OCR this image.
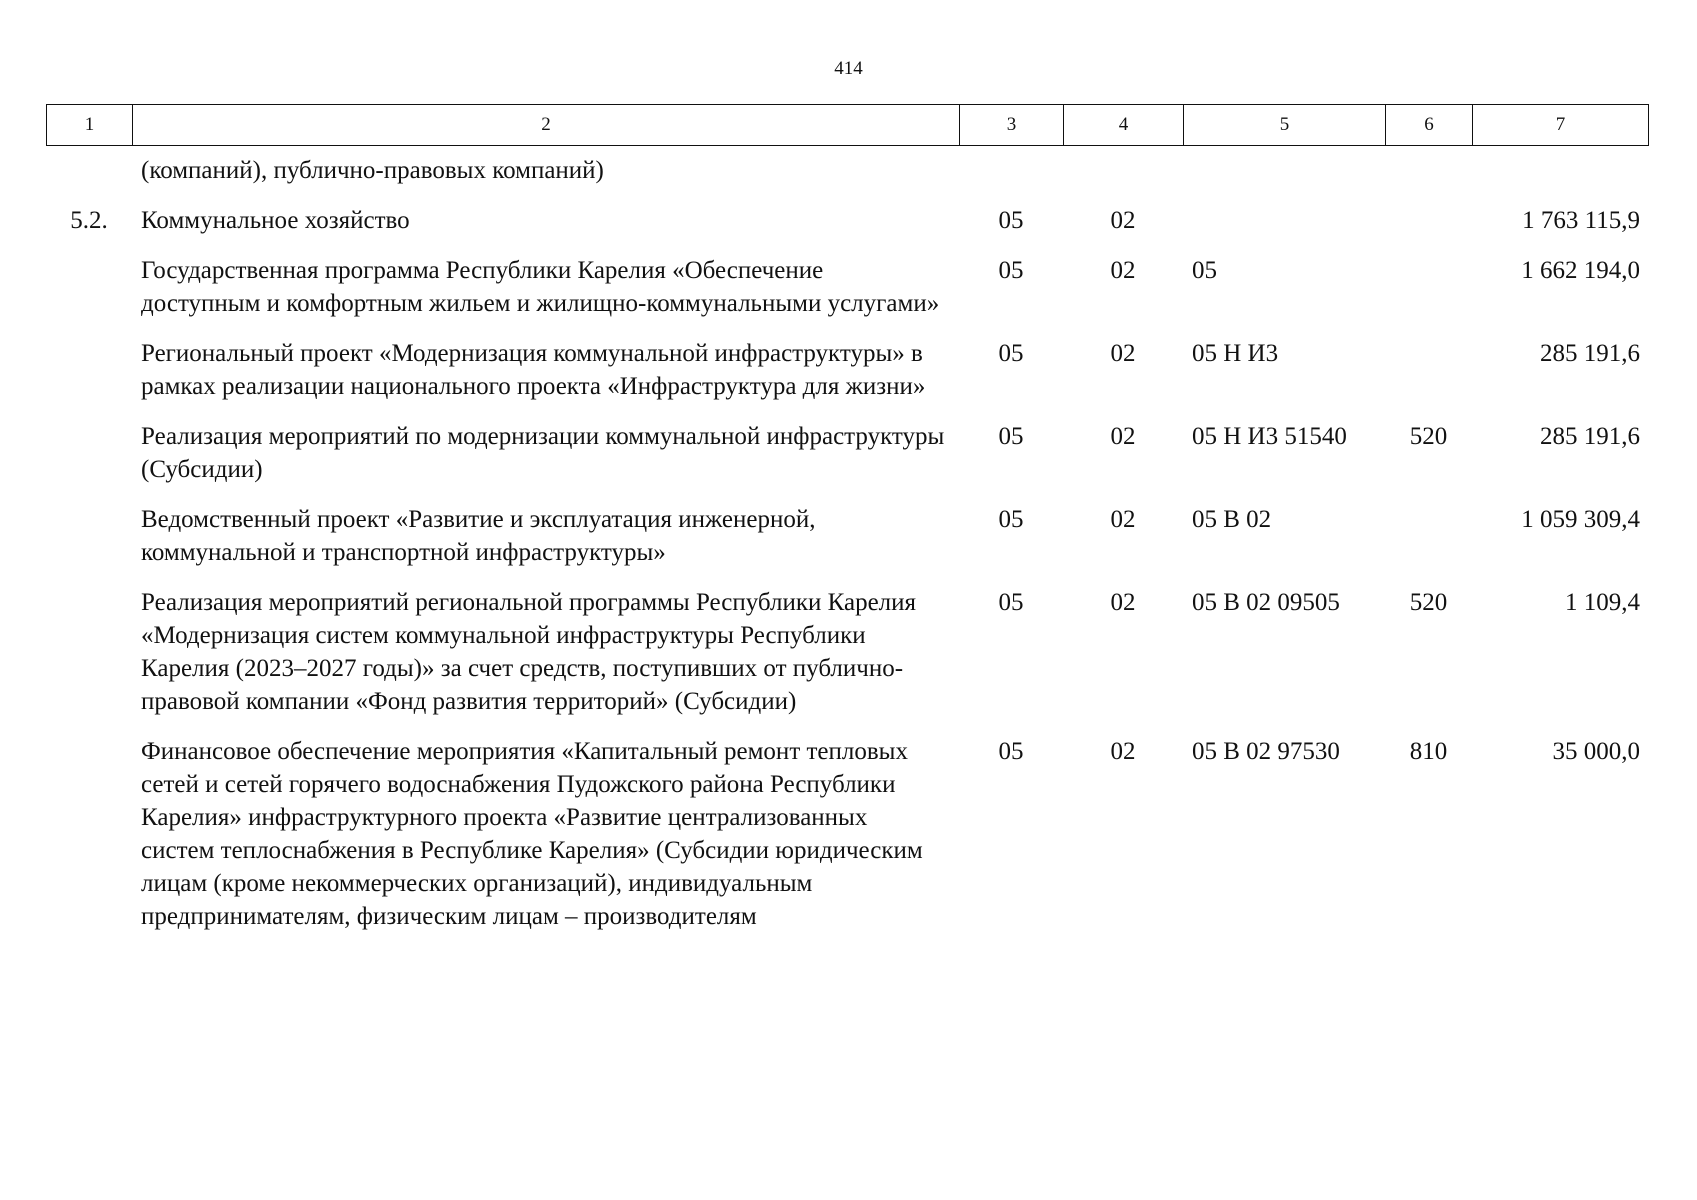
414
1	2	3	4	5	6	7
	(компаний), публично-правовых компаний)					
5.2.	Коммунальное хозяйство	05	02			1 763 115,9
	Государственная программа Республики Карелия «Обеспечение доступным и комфортным жильем и жилищно-коммунальными услугами»	05	02	05		1 662 194,0
	Региональный проект «Модернизация коммунальной инфраструктуры» в рамках реализации национального проекта «Инфраструктура для жизни»	05	02	05 Н И3		285 191,6
	Реализация мероприятий по модернизации коммунальной инфраструктуры (Субсидии)	05	02	05 Н И3 51540	520	285 191,6
	Ведомственный проект «Развитие и эксплуатация инженерной, коммунальной и транспортной инфраструктуры»	05	02	05 В 02		1 059 309,4
	Реализация мероприятий региональной программы Республики Карелия «Модернизация систем коммунальной инфраструктуры Республики Карелия (2023–2027 годы)» за счет средств, поступивших от публично-правовой компании «Фонд развития территорий» (Субсидии)	05	02	05 В 02 09505	520	1 109,4
	Финансовое обеспечение мероприятия «Капитальный ремонт тепловых сетей и сетей горячего водоснабжения Пудожского района Республики Карелия» инфраструктурного проекта «Развитие централизованных систем теплоснабжения в Республике Карелия» (Субсидии юридическим лицам (кроме некоммерческих организаций), индивидуальным предпринимателям, физическим лицам – производителям	05	02	05 В 02 97530	810	35 000,0
